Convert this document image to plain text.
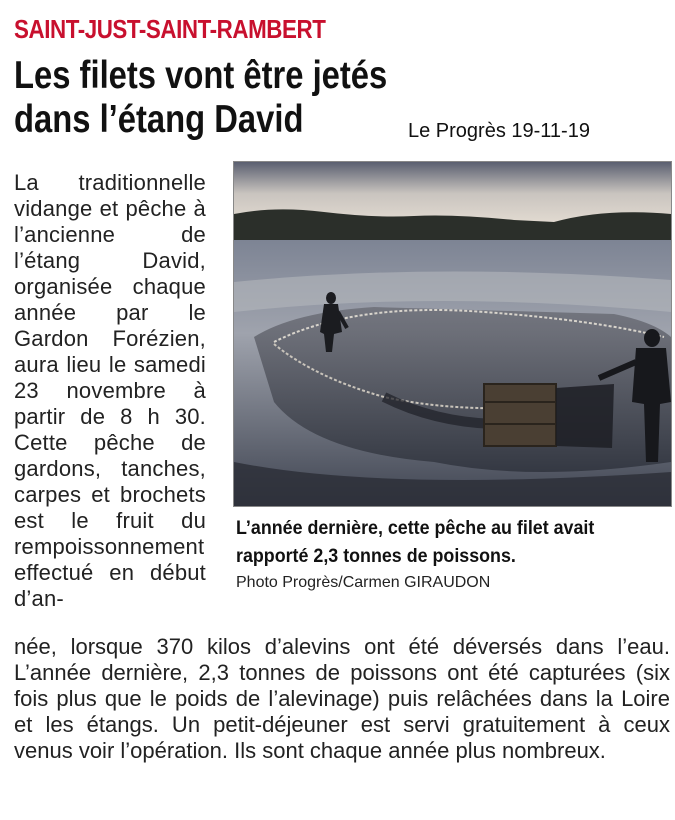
SAINT-JUST-SAINT-RAMBERT
Les filets vont être jetés
dans l’étang David	Le Progrès 19-11-19
La traditionnelle vidange et pêche à l’ancienne de l’étang David, organisée chaque année par le Gardon Forézien, aura lieu le samedi 23 novembre à partir de 8 h 30. Cette pêche de gardons, tanches, carpes et brochets est le fruit du rempoissonnement effectué en début d’an-
L’année dernière, cette pêche au filet avait rapporté 2,3 tonnes de poissons.
Photo Progrès/Carmen GIRAUDON
née, lorsque 370 kilos d’alevins ont été déversés dans l’eau. L’année dernière, 2,3 tonnes de poissons ont été capturées (six fois plus que le poids de l’alevinage) puis relâchées dans la Loire et les étangs. Un petit-déjeuner est servi gratuitement à ceux venus voir l’opération. Ils sont chaque année plus nombreux.
